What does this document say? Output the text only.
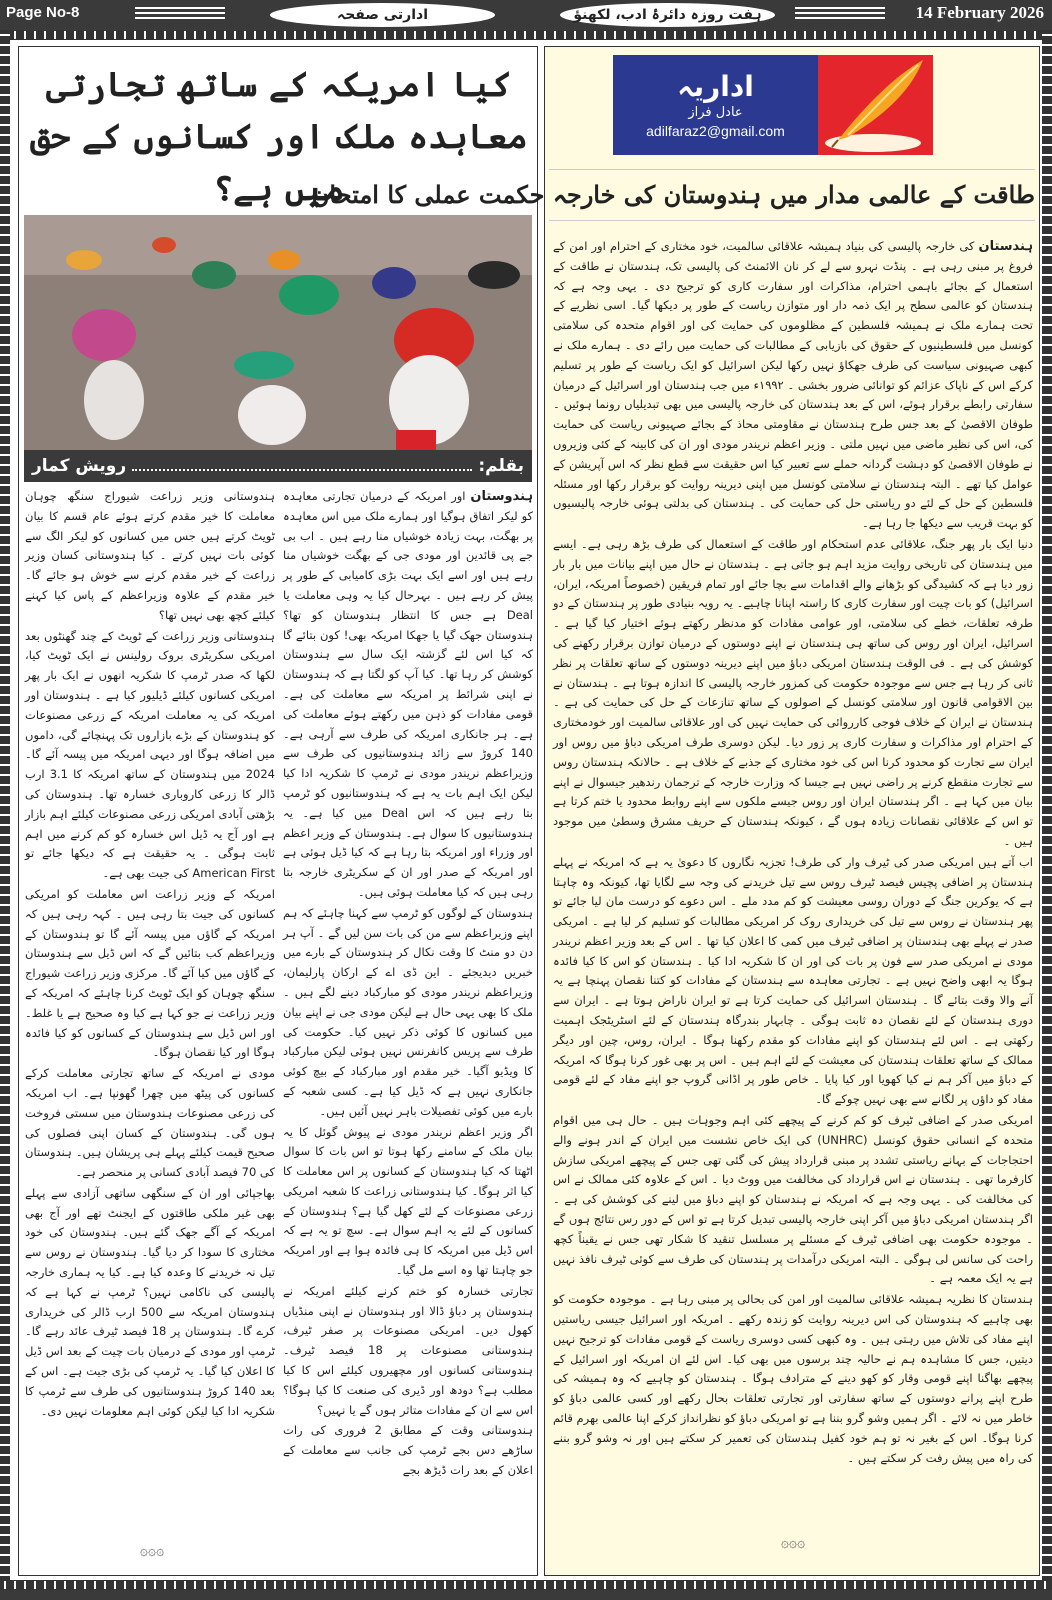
Page No-8	ادارتی صفحہ	ہفت روزہ دائرۂ ادب، لکھنؤ	14 February 2026
کیا امریکہ کے ساتھ تجارتی معاہدہ ملک اور کسانوں کے حق میں ہے؟
بقلم:
رویش کمار

ہندوستان اور امریکہ کے درمیان تجارتی معاہدہ کو لیکر اتفاق ہوگیا اور ہمارے ملک میں اس معاہدہ پر بھگت، بہت زیادہ خوشیاں منا رہے ہیں ۔ اب بی جے پی قائدین اور مودی جی کے بھگت خوشیاں منا رہے ہیں اور اسے ایک بہت بڑی کامیابی کے طور پر پیش کر رہے ہیں ۔ بہرحال کیا یہ وہی معاملت یا Deal ہے جس کا انتظار ہندوستان کو تھا؟ ہندوستان جھک گیا یا جھکا امریکہ بھی! کون بتائے گا کہ کیا اس لئے گزشتہ ایک سال سے ہندوستان کوشش کر رہا تھا۔ کیا آپ کو لگتا ہے کہ ہندوستان نے اپنی شرائط پر امریکہ سے معاملت کی ہے۔ قومی مفادات کو ذہن میں رکھتے ہوئے معاملت کی ہے۔ ہر جانکاری امریکہ کی طرف سے آرہی ہے۔ 140 کروڑ سے زائد ہندوستانیوں کی طرف سے وزیراعظم نریندر مودی نے ٹرمپ کا شکریہ ادا کیا لیکن ایک اہم بات یہ ہے کہ ہندوستانیوں کو ٹرمپ بتا رہے ہیں کہ اس Deal میں کیا ہے۔ یہ ہندوستانیوں کا سوال ہے۔ ہندوستان کے وزیر اعظم اور وزراء اور امریکہ بتا رہا ہے کہ کیا ڈیل ہوئی ہے اور امریکہ کے صدر اور ان کے سکریٹری خارجہ بتا رہی ہیں کہ کیا معاملت ہوئی ہیں۔

ہندوستان کے لوگوں کو ٹرمپ سے کہنا چاہئے کہ ہم اپنے وزیراعظم سے من کی بات سن لیں گے ۔ آپ ہر دن دو منٹ کا وقت نکال کر ہندوستان کے بارے میں خبریں دیدیجئے ۔ این ڈی اے کے ارکان پارلیمان، وزیراعظم نریندر مودی کو مبارکباد دینے لگے ہیں ۔ ملک کا بھی یہی حال ہے لیکن مودی جی نے اپنے بیان میں کسانوں کا کوئی ذکر نہیں کیا۔ حکومت کی طرف سے پریس کانفرنس نہیں ہوئی لیکن مبارکباد کا ویڈیو آگیا۔ خیر مقدم اور مبارکباد کے بیچ کوئی جانکاری نہیں ہے کہ ڈیل کیا ہے۔ کسی شعبہ کے بارے میں کوئی تفصیلات باہر نہیں آئیں ہیں۔

اگر وزیر اعظم نریندر مودی نے پیوش گوئل کا یہ بیان ملک کے سامنے رکھا ہوتا تو اس بات کا سوال اٹھتا کہ کیا ہندوستان کے کسانوں پر اس معاملت کا کیا اثر ہوگا۔ کیا ہندوستانی زراعت کا شعبہ امریکی زرعی مصنوعات کے لئے کھل گیا ہے؟ ہندوستان کے کسانوں کے لئے یہ اہم سوال ہے۔ سچ تو یہ ہے کہ اس ڈیل میں امریکہ کا ہی فائدہ ہوا ہے اور امریکہ جو چاہتا تھا وہ اسے مل گیا۔

تجارتی خسارہ کو ختم کرنے کیلئے امریکہ نے ہندوستان پر دباؤ ڈالا اور ہندوستان نے اپنی منڈیاں کھول دیں۔ امریکی مصنوعات پر صفر ٹیرف، ہندوستانی مصنوعات پر 18 فیصد ٹیرف۔ ہندوستانی کسانوں اور مچھیروں کیلئے اس کا کیا مطلب ہے؟ دودھ اور ڈیری کی صنعت کا کیا ہوگا؟ اس سے ان کے مفادات متاثر ہوں گے یا نہیں؟

ہندوستانی وقت کے مطابق 2 فروری کی رات ساڑھے دس بجے ٹرمپ کی جانب سے معاملت کے اعلان کے بعد رات ڈیڑھ بجے

ہندوستانی وزیر زراعت شیوراج سنگھ چوہان معاملت کا خیر مقدم کرتے ہوئے عام قسم کا بیان ٹویٹ کرتے ہیں جس میں کسانوں کو لیکر الگ سے کوئی بات نہیں کرتے ۔ کیا ہندوستانی کسان وزیر زراعت کے خیر مقدم کرنے سے خوش ہو جائے گا۔ خیر مقدم کے علاوہ وزیراعظم کے پاس کیا کہنے کیلئے کچھ بھی نہیں تھا؟

ہندوستانی وزیر زراعت کے ٹویٹ کے چند گھنٹوں بعد امریکی سکریٹری بروک رولینس نے ایک ٹویٹ کیا، لکھا کہ صدر ٹرمپ کا شکریہ انھوں نے ایک بار پھر امریکی کسانوں کیلئے ڈیلیور کیا ہے ۔ ہندوستان اور امریکہ کی یہ معاملت امریکہ کے زرعی مصنوعات کو ہندوستان کے بڑے بازاروں تک پہنچائے گی، داموں میں اضافہ ہوگا اور دیہی امریکہ میں پیسہ آئے گا۔ 2024 میں ہندوستان کے ساتھ امریکہ کا 3.1 ارب ڈالر کا زرعی کاروباری خسارہ تھا۔ ہندوستان کی بڑھتی آبادی امریکی زرعی مصنوعات کیلئے اہم بازار ہے اور آج یہ ڈیل اس خسارہ کو کم کرنے میں اہم ثابت ہوگی ۔ یہ حقیقت ہے کہ دیکھا جائے تو American First کی جیت بھی ہے۔

امریکہ کے وزیر زراعت اس معاملت کو امریکی کسانوں کی جیت بتا رہی ہیں ۔ کہہ رہی ہیں کہ امریکہ کے گاؤں میں پیسہ آئے گا تو ہندوستان کے وزیراعظم کب بتائیں گے کہ اس ڈیل سے ہندوستان کے گاؤں میں کیا آئے گا۔ مرکزی وزیر زراعت شیوراج سنگھ چوہان کو ایک ٹویٹ کرنا چاہئے کہ امریکہ کے وزیر زراعت نے جو کہا ہے کیا وہ صحیح ہے یا غلط۔ اور اس ڈیل سے ہندوستان کے کسانوں کو کیا فائدہ ہوگا اور کیا نقصان ہوگا۔

مودی نے امریکہ کے ساتھ تجارتی معاملت کرکے کسانوں کی پیٹھ میں چھرا گھونپا ہے۔ اب امریکہ کی زرعی مصنوعات ہندوستان میں سستی فروخت ہوں گی۔ ہندوستان کے کسان اپنی فصلوں کی صحیح قیمت کیلئے پہلے ہی پریشان ہیں۔ ہندوستان کی 70 فیصد آبادی کسانی پر منحصر ہے۔

بھاجپائی اور ان کے سنگھی ساتھی آزادی سے پہلے بھی غیر ملکی طاقتوں کے ایجنٹ تھے اور آج بھی امریکہ کے آگے جھک گئے ہیں۔ ہندوستان کی خود مختاری کا سودا کر دیا گیا۔ ہندوستان نے روس سے تیل نہ خریدنے کا وعدہ کیا ہے۔ کیا یہ ہماری خارجہ پالیسی کی ناکامی نہیں؟ ٹرمپ نے کہا ہے کہ ہندوستان امریکہ سے 500 ارب ڈالر کی خریداری کرے گا۔ ہندوستان پر 18 فیصد ٹیرف عائد رہے گا۔ ٹرمپ اور مودی کے درمیان بات چیت کے بعد اس ڈیل کا اعلان کیا گیا۔ یہ ٹرمپ کی بڑی جیت ہے۔ اس کے بعد 140 کروڑ ہندوستانیوں کی طرف سے ٹرمپ کا شکریہ ادا کیا لیکن کوئی اہم معلومات نہیں دی۔

۞۞۞
اداریہ
عادل فراز
adilfaraz2@gmail.com
طاقت کے عالمی مدار میں ہندوستان کی خارجہ حکمت عملی کا امتحان

ہندستان کی خارجہ پالیسی کی بنیاد ہمیشہ علاقائی سالمیت، خود مختاری کے احترام اور امن کے فروغ پر مبنی رہی ہے ۔ پنڈت نہرو سے لے کر نان الائمنٹ کی پالیسی تک، ہندستان نے طاقت کے استعمال کے بجائے باہمی احترام، مذاکرات اور سفارت کاری کو ترجیح دی ۔ یہی وجہ ہے کہ ہندستان کو عالمی سطح پر ایک ذمہ دار اور متوازن ریاست کے طور پر دیکھا گیا۔ اسی نظریے کے تحت ہمارے ملک نے ہمیشہ فلسطین کے مظلوموں کی حمایت کی اور اقوام متحدہ کی سلامتی کونسل میں فلسطینیوں کے حقوق کی بازیابی کے مطالبات کی حمایت میں رائے دی ۔ ہمارے ملک نے کبھی صہیونی سیاست کی طرف جھکاؤ نہیں رکھا لیکن اسرائیل کو ایک ریاست کے طور پر تسلیم کرکے اس کے ناپاک عزائم کو توانائی ضرور بخشی ۔ ۱۹۹۲ء میں جب ہندستان اور اسرائیل کے درمیان سفارتی رابطے برقرار ہوئے، اس کے بعد ہندستان کی خارجہ پالیسی میں بھی تبدیلیاں رونما ہوئیں ۔ طوفان الاقصیٰ کے بعد جس طرح ہندستان نے مقاومتی محاذ کے بجائے صہیونی ریاست کی حمایت کی، اس کی نظیر ماضی میں نہیں ملتی ۔ وزیر اعظم نریندر مودی اور ان کی کابینہ کے کئی وزیروں نے طوفان الاقصیٰ کو دہشت گردانہ حملے سے تعبیر کیا اس حقیقت سے قطع نظر کہ اس آپریشن کے عوامل کیا تھے ۔ البتہ ہندستان نے سلامتی کونسل میں اپنی دیرینہ روایت کو برقرار رکھا اور مسئلہ فلسطین کے حل کے لئے دو ریاستی حل کی حمایت کی ۔ ہندستان کی بدلتی ہوئی خارجہ پالیسیوں کو بہت قریب سے دیکھا جا رہا ہے۔

دنیا ایک بار پھر جنگ، علاقائی عدم استحکام اور طاقت کے استعمال کی طرف بڑھ رہی ہے۔ ایسے میں ہندستان کی تاریخی روایت مزید اہم ہو جاتی ہے ۔ ہندستان نے حال میں اپنے بیانات میں بار بار زور دیا ہے کہ کشیدگی کو بڑھانے والے اقدامات سے بچا جائے اور تمام فریقین (خصوصاً امریکہ، ایران، اسرائیل) کو بات چیت اور سفارت کاری کا راستہ اپنانا چاہیے۔ یہ رویہ بنیادی طور پر ہندستان کے دو طرفہ تعلقات، خطے کی سلامتی، اور عوامی مفادات کو مدنظر رکھتے ہوئے اختیار کیا گیا ہے ۔ اسرائیل، ایران اور روس کی ساتھ ہی ہندستان نے اپنے دوستوں کے درمیان توازن برقرار رکھنے کی کوشش کی ہے ۔ فی الوقت ہندستان امریکی دباؤ میں اپنے دیرینہ دوستوں کے ساتھ تعلقات پر نظر ثانی کر رہا ہے جس سے موجودہ حکومت کی کمزور خارجہ پالیسی کا اندازہ ہوتا ہے ۔ ہندستان نے بین الاقوامی قانون اور سلامتی کونسل کے اصولوں کے ساتھ تنازعات کے حل کی حمایت کی ہے ۔ ہندستان نے ایران کے خلاف فوجی کارروائی کی حمایت نہیں کی اور علاقائی سالمیت اور خودمختاری کے احترام اور مذاکرات و سفارت کاری پر زور دیا۔ لیکن دوسری طرف امریکی دباؤ میں روس اور ایران سے تجارت کو محدود کرنا اس کی خود مختاری کے جذبے کے خلاف ہے ۔ حالانکہ ہندستان روس سے تجارت منقطع کرنے پر راضی نہیں ہے جیسا کہ وزارت خارجہ کے ترجمان رندھیر جیسوال نے اپنے بیان میں کہا ہے ۔ اگر ہندستان ایران اور روس جیسے ملکوں سے اپنے روابط محدود یا ختم کرتا ہے تو اس کے علاقائی نقصانات زیادہ ہوں گے ، کیونکہ ہندستان کے حریف مشرق وسطیٰ میں موجود ہیں ۔

اب آتے ہیں امریکی صدر کی ٹیرف وار کی طرف! تجزیہ نگاروں کا دعویٰ یہ ہے کہ امریکہ نے پہلے ہندستان پر اضافی پچیس فیصد ٹیرف روس سے تیل خریدنے کی وجہ سے لگایا تھا، کیونکہ وہ چاہتا ہے کہ یوکرین جنگ کے دوران روسی معیشت کو کم مدد ملے ۔ اس دعوے کو درست مان لیا جائے تو پھر ہندستان نے روس سے تیل کی خریداری روک کر امریکی مطالبات کو تسلیم کر لیا ہے ۔ امریکی صدر نے پہلے بھی ہندستان پر اضافی ٹیرف میں کمی کا اعلان کیا تھا ۔ اس کے بعد وزیر اعظم نریندر مودی نے امریکی صدر سے فون پر بات کی اور ان کا شکریہ ادا کیا ۔ ہندستان کو اس کا کیا فائدہ ہوگا یہ ابھی واضح نہیں ہے ۔ تجارتی معاہدہ سے ہندستان کے مفادات کو کتنا نقصان پہنچا ہے یہ آنے والا وقت بتائے گا ۔ ہندستان اسرائیل کی حمایت کرتا ہے تو ایران ناراض ہوتا ہے ۔ ایران سے دوری ہندستان کے لئے نقصان دہ ثابت ہوگی ۔ چابہار بندرگاہ ہندستان کے لئے اسٹریٹجک اہمیت رکھتی ہے ۔ اس لئے ہندستان کو اپنے مفادات کو مقدم رکھنا ہوگا ۔ ایران، روس، چین اور دیگر ممالک کے ساتھ تعلقات ہندستان کی معیشت کے لئے اہم ہیں ۔ اس پر بھی غور کرنا ہوگا کہ امریکہ کے دباؤ میں آکر ہم نے کیا کھویا اور کیا پایا ۔ خاص طور پر اڈانی گروپ جو اپنے مفاد کے لئے قومی مفاد کو داؤں پر لگانے سے بھی نہیں چوکے گا۔

امریکی صدر کے اضافی ٹیرف کو کم کرنے کے پیچھے کئی اہم وجوہات ہیں ۔ حال ہی میں اقوام متحدہ کے انسانی حقوق کونسل (UNHRC) کی ایک خاص نشست میں ایران کے اندر ہونے والے احتجاجات کے بہانے ریاستی تشدد پر مبنی قرارداد پیش کی گئی تھی جس کے پیچھے امریکی سازش کارفرما تھی ۔ ہندستان نے اس قرارداد کی مخالفت میں ووٹ دیا ۔ اس کے علاوہ کئی ممالک نے اس کی مخالفت کی ۔ یہی وجہ ہے کہ امریکہ نے ہندستان کو اپنے دباؤ میں لینے کی کوشش کی ہے ۔ اگر ہندستان امریکی دباؤ میں آکر اپنی خارجہ پالیسی تبدیل کرتا ہے تو اس کے دور رس نتائج ہوں گے ۔ موجودہ حکومت بھی اضافی ٹیرف کے مسئلے پر مسلسل تنقید کا شکار تھی جس نے یقیناً کچھ راحت کی سانس لی ہوگی ۔ البتہ امریکی درآمدات پر ہندستان کی طرف سے کوئی ٹیرف نافذ نہیں ہے یہ ایک معمہ ہے ۔

ہندستان کا نظریہ ہمیشہ علاقائی سالمیت اور امن کی بحالی پر مبنی رہا ہے ۔ موجودہ حکومت کو بھی چاہیے کہ ہندوستان کی اس دیرینہ روایت کو زندہ رکھے ۔ امریکہ اور اسرائیل جیسی ریاستیں اپنے مفاد کی تلاش میں رہتی ہیں ۔ وہ کبھی کسی دوسری ریاست کے قومی مفادات کو ترجیح نہیں دیتیں، جس کا مشاہدہ ہم نے حالیہ چند برسوں میں بھی کیا۔ اس لئے ان امریکہ اور اسرائیل کے پیچھے بھاگنا اپنے قومی وقار کو کھو دینے کے مترادف ہوگا ۔ ہندستان کو چاہیے کہ وہ ہمیشہ کی طرح اپنے پرانے دوستوں کے ساتھ سفارتی اور تجارتی تعلقات بحال رکھے اور کسی عالمی دباؤ کو خاطر میں نہ لائے ۔ اگر ہمیں وشو گرو بننا ہے تو امریکی دباؤ کو نظرانداز کرکے اپنا عالمی بھرم قائم کرنا ہوگا۔ اس کے بغیر نہ تو ہم خود کفیل ہندستان کی تعمیر کر سکتے ہیں اور نہ وشو گرو بننے کی راہ میں پیش رفت کر سکتے ہیں ۔

۞۞۞
